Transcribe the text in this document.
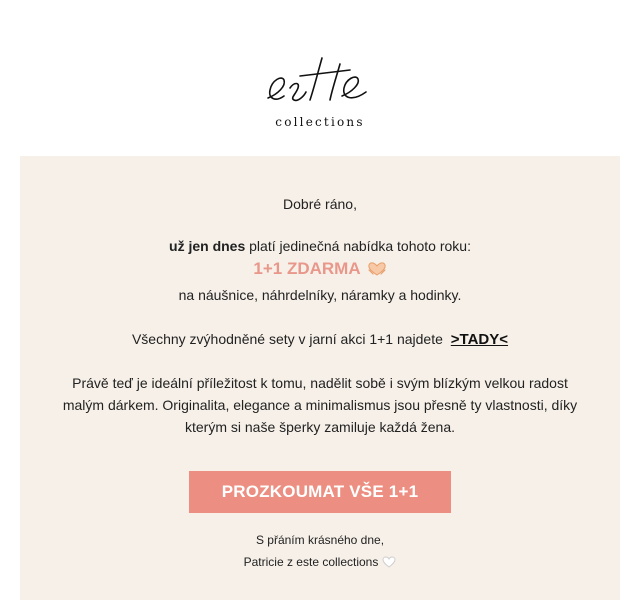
collections
Dobré ráno,
už jen dnes platí jedinečná nabídka tohoto roku:
1+1 ZDARMA
na náušnice, náhrdelníky, náramky a hodinky.
Všechny zvýhodněné sety v jarní akci 1+1 najdete >TADY<
Právě teď je ideální příležitost k tomu, nadělit sobě i svým blízkým velkou radost malým dárkem. Originalita, elegance a minimalismus jsou přesně ty vlastnosti, díky kterým si naše šperky zamiluje každá žena.
PROZKOUMAT VŠE 1+1
S přáním krásného dne,
Patricie z este collections
